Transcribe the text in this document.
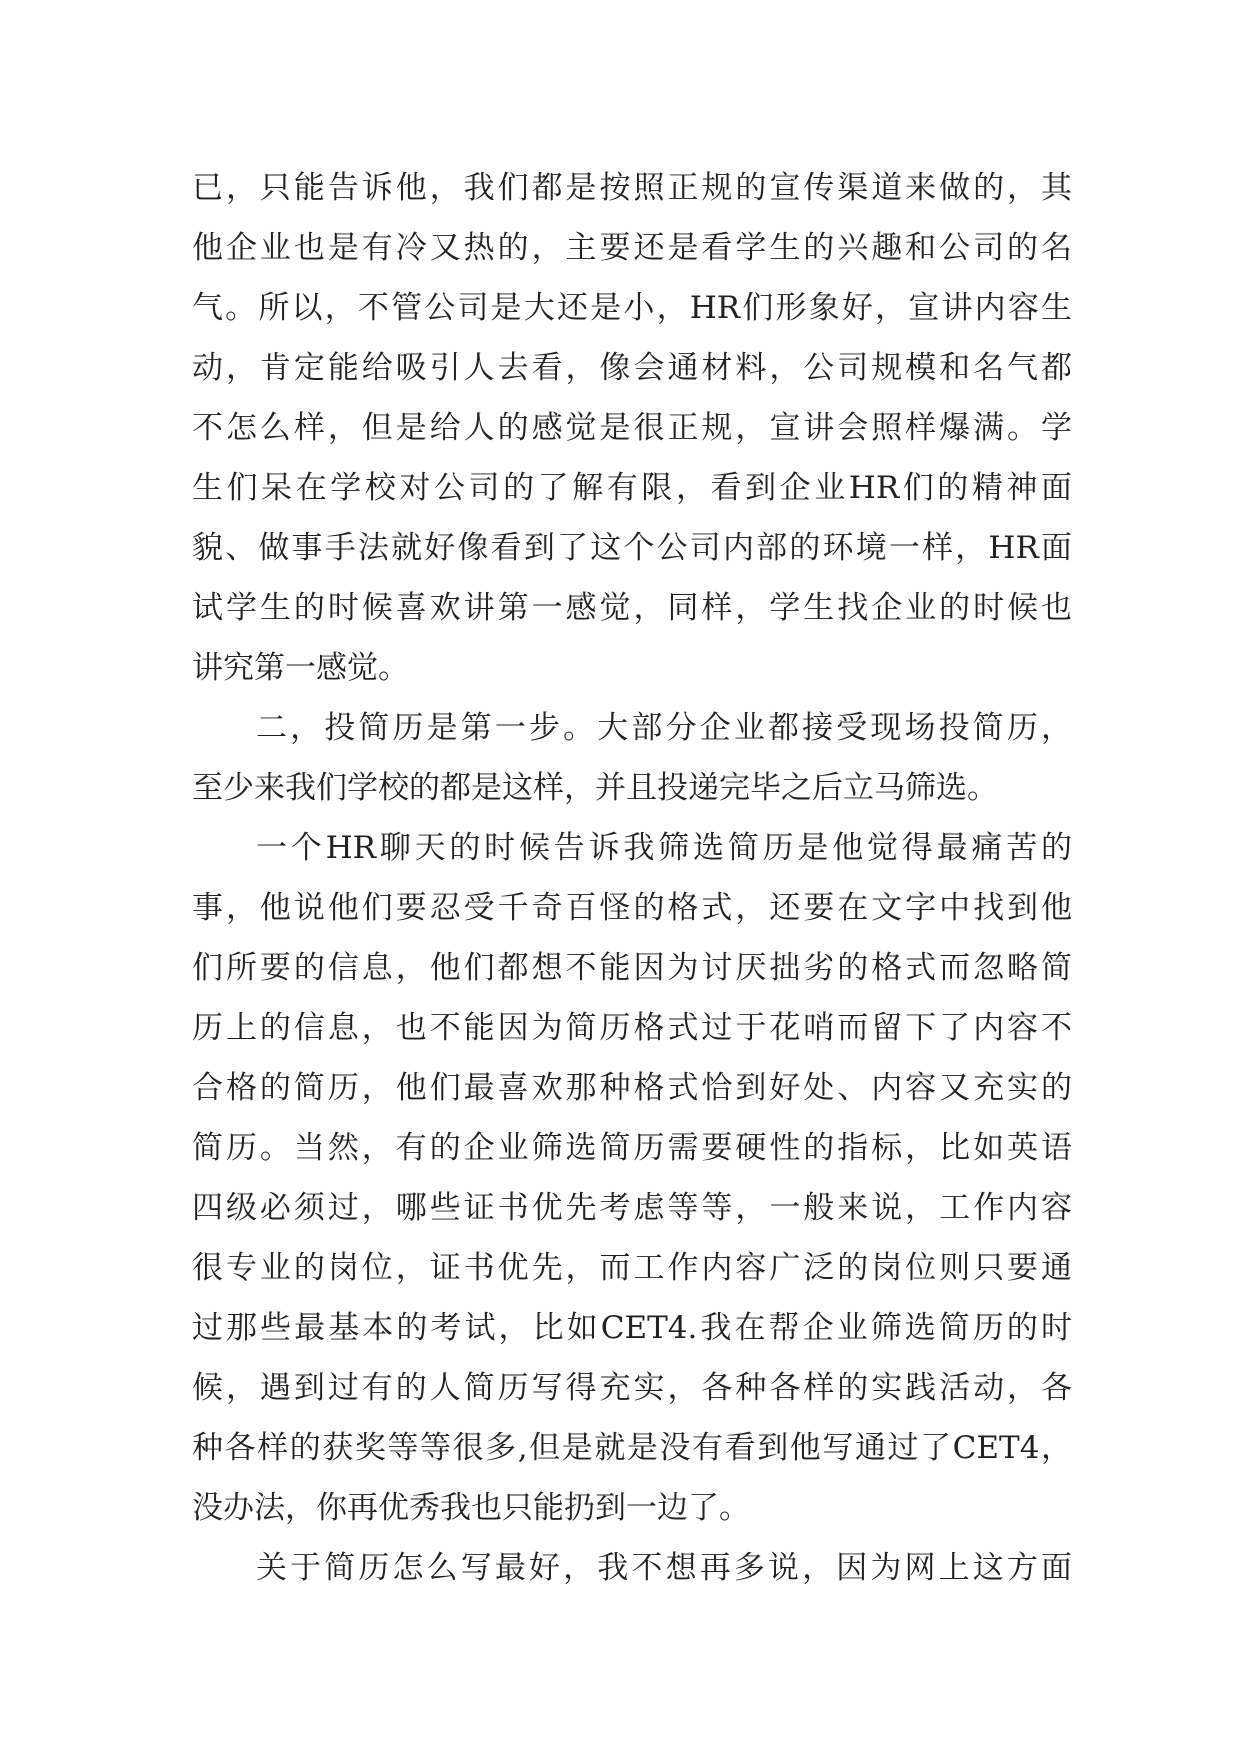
已，只能告诉他，我们都是按照正规的宣传渠道来做的，其
他企业也是有冷又热的，主要还是看学生的兴趣和公司的名
气。所以，不管公司是大还是小，HR们形象好，宣讲内容生
动，肯定能给吸引人去看，像会通材料，公司规模和名气都
不怎么样，但是给人的感觉是很正规，宣讲会照样爆满。学
生们呆在学校对公司的了解有限，看到企业HR们的精神面
貌、做事手法就好像看到了这个公司内部的环境一样，HR面
试学生的时候喜欢讲第一感觉，同样，学生找企业的时候也
讲究第一感觉。
二，投简历是第一步。大部分企业都接受现场投简历，
至少来我们学校的都是这样，并且投递完毕之后立马筛选。
一个HR聊天的时候告诉我筛选简历是他觉得最痛苦的
事，他说他们要忍受千奇百怪的格式，还要在文字中找到他
们所要的信息，他们都想不能因为讨厌拙劣的格式而忽略简
历上的信息，也不能因为简历格式过于花哨而留下了内容不
合格的简历，他们最喜欢那种格式恰到好处、内容又充实的
简历。当然，有的企业筛选简历需要硬性的指标，比如英语
四级必须过，哪些证书优先考虑等等，一般来说，工作内容
很专业的岗位，证书优先，而工作内容广泛的岗位则只要通
过那些最基本的考试，比如CET4.我在帮企业筛选简历的时
候，遇到过有的人简历写得充实，各种各样的实践活动，各
种各样的获奖等等很多,但是就是没有看到他写通过了CET4，
没办法，你再优秀我也只能扔到一边了。
关于简历怎么写最好，我不想再多说，因为网上这方面
